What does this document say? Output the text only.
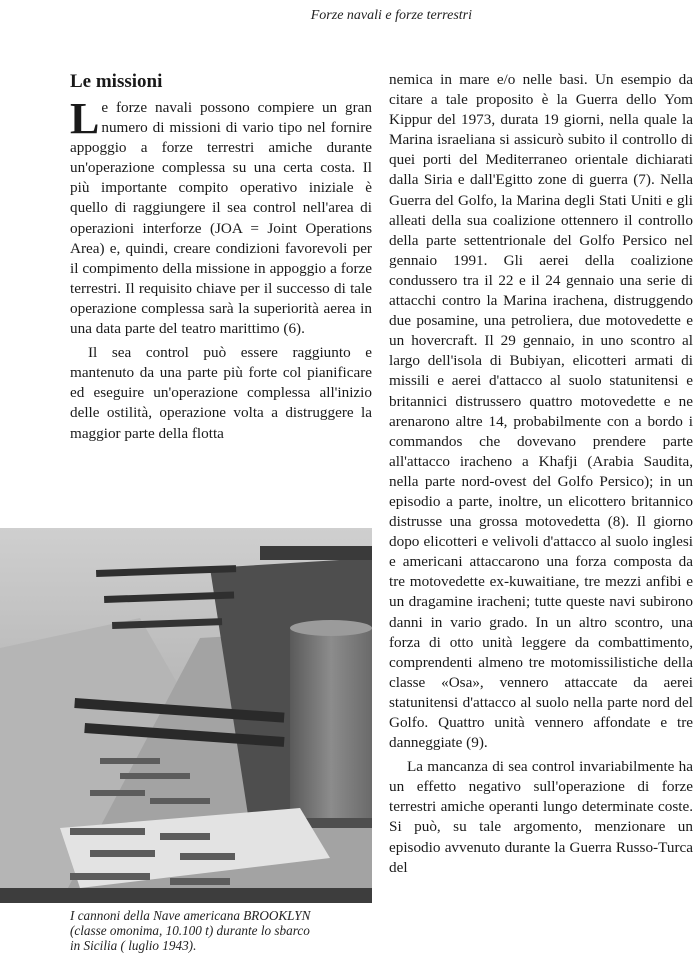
Forze navali e forze terrestri
Le missioni

Le forze navali possono compiere un gran numero di missioni di vario tipo nel fornire appoggio a forze terrestri amiche durante un'operazione complessa su una certa costa. Il più importante compito operativo iniziale è quello di raggiungere il sea control nell'area di operazioni interforze (JOA = Joint Operations Area) e, quindi, creare condizioni favorevoli per il compimento della missione in appoggio a forze terrestri. Il requisito chiave per il successo di tale operazione complessa sarà la superiorità aerea in una data parte del teatro marittimo (6).

Il sea control può essere raggiunto e mantenuto da una parte più forte col pianificare ed eseguire un'operazione complessa all'inizio delle ostilità, operazione volta a distruggere la maggior parte della flotta

I cannoni della Nave americana BROOKLYN
(classe omonima, 10.100 t) durante lo sbarco
in Sicilia ( luglio 1943).

nemica in mare e/o nelle basi. Un esempio da citare a tale proposito è la Guerra dello Yom Kippur del 1973, durata 19 giorni, nella quale la Marina israeliana si assicurò subito il controllo di quei porti del Mediterraneo orientale dichiarati dalla Siria e dall'Egitto zone di guerra (7). Nella Guerra del Golfo, la Marina degli Stati Uniti e gli alleati della sua coalizione ottennero il controllo della parte settentrionale del Golfo Persico nel gennaio 1991. Gli aerei della coalizione condussero tra il 22 e il 24 gennaio una serie di attacchi contro la Marina irachena, distruggendo due posamine, una petroliera, due motovedette e un hovercraft. Il 29 gennaio, in uno scontro al largo dell'isola di Bubiyan, elicotteri armati di missili e aerei d'attacco al suolo statunitensi e britannici distrussero quattro motovedette e ne arenarono altre 14, probabilmente con a bordo i commandos che dovevano prendere parte all'attacco iracheno a Khafji (Arabia Saudita, nella parte nord-ovest del Golfo Persico); in un episodio a parte, inoltre, un elicottero britannico distrusse una grossa motovedetta (8). Il giorno dopo elicotteri e velivoli d'attacco al suolo inglesi e americani attaccarono una forza composta da tre motovedette ex-kuwaitiane, tre mezzi anfibi e un dragamine iracheni; tutte queste navi subirono danni in vario grado. In un altro scontro, una forza di otto unità leggere da combattimento, comprendenti almeno tre motomissilistiche della classe «Osa», vennero attaccate da aerei statunitensi d'attacco al suolo nella parte nord del Golfo. Quattro unità vennero affondate e tre danneggiate (9).

La mancanza di sea control invariabilmente ha un effetto negativo sull'operazione di forze terrestri amiche operanti lungo determinate coste. Si può, su tale argomento, menzionare un episodio avvenuto durante la Guerra Russo-Turca del
